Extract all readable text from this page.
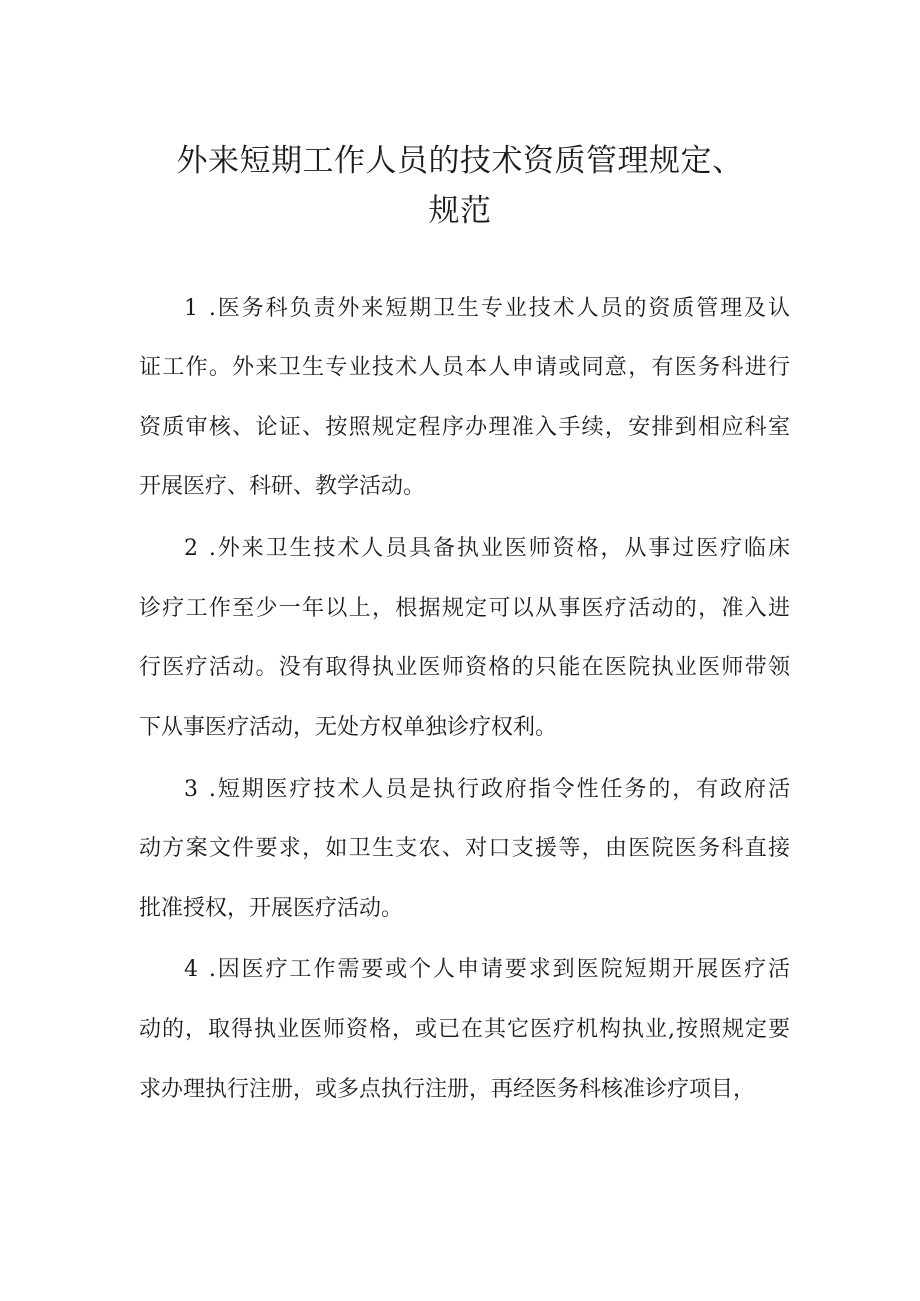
外来短期工作人员的技术资质管理规定、
规范

1 .医务科负责外来短期卫生专业技术人员的资质管理及认

证工作。外来卫生专业技术人员本人申请或同意，有医务科进行

资质审核、论证、按照规定程序办理准入手续，安排到相应科室

开展医疗、科研、教学活动。

2 .外来卫生技术人员具备执业医师资格，从事过医疗临床

诊疗工作至少一年以上，根据规定可以从事医疗活动的，准入进

行医疗活动。没有取得执业医师资格的只能在医院执业医师带领

下从事医疗活动，无处方权单独诊疗权利。

3 .短期医疗技术人员是执行政府指令性任务的，有政府活

动方案文件要求，如卫生支农、对口支援等，由医院医务科直接

批准授权，开展医疗活动。

4 .因医疗工作需要或个人申请要求到医院短期开展医疗活

动的，取得执业医师资格，或已在其它医疗机构执业,按照规定要

求办理执行注册，或多点执行注册，再经医务科核准诊疗项目，
